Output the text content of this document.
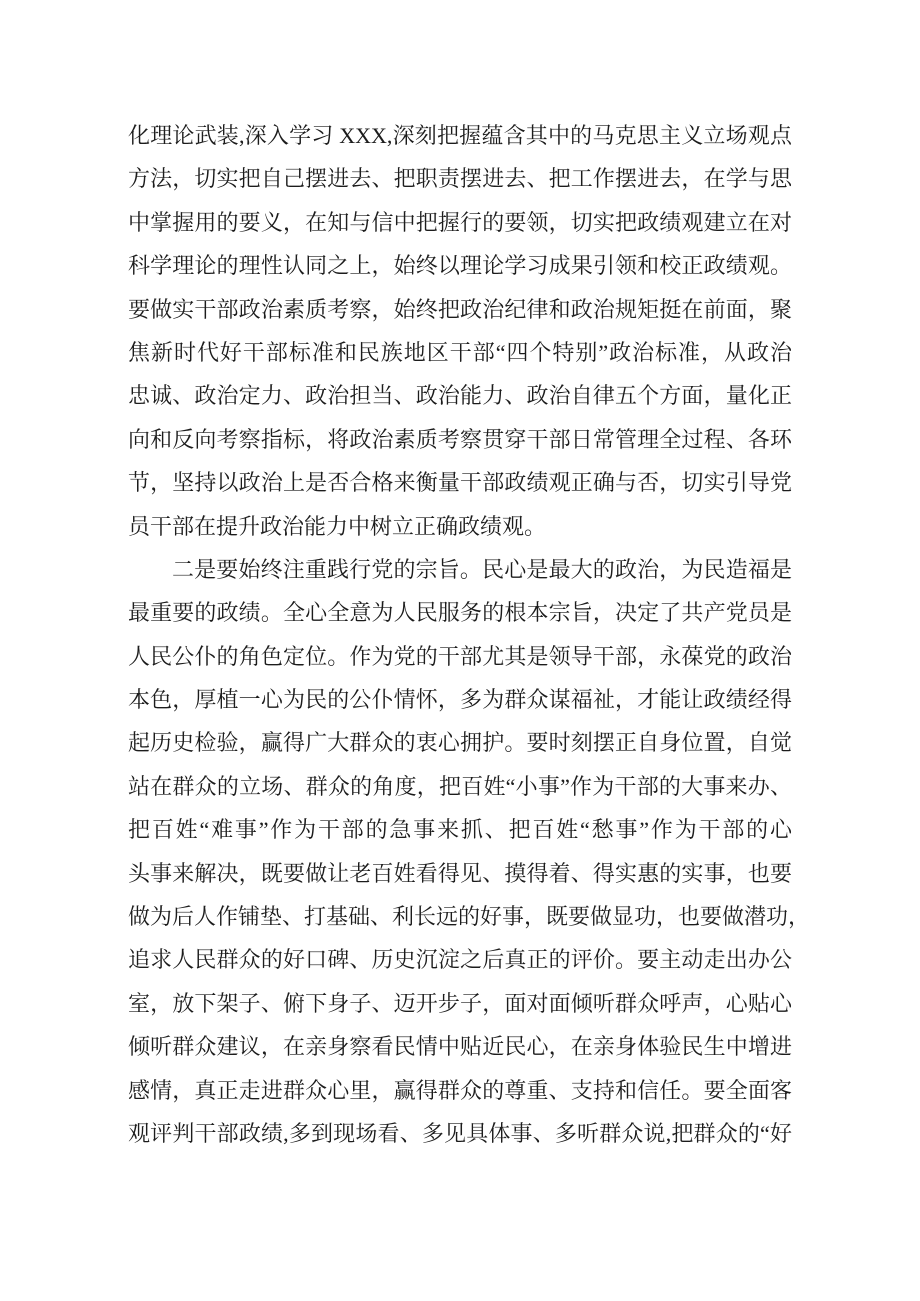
化理论武装,深入学习 XXX,深刻把握蕴含其中的马克思主义立场观点
方法，切实把自己摆进去、把职责摆进去、把工作摆进去，在学与思
中掌握用的要义，在知与信中把握行的要领，切实把政绩观建立在对
科学理论的理性认同之上，始终以理论学习成果引领和校正政绩观。
要做实干部政治素质考察，始终把政治纪律和政治规矩挺在前面，聚
焦新时代好干部标准和民族地区干部“四个特别”政治标准，从政治
忠诚、政治定力、政治担当、政治能力、政治自律五个方面，量化正
向和反向考察指标，将政治素质考察贯穿干部日常管理全过程、各环
节，坚持以政治上是否合格来衡量干部政绩观正确与否，切实引导党
员干部在提升政治能力中树立正确政绩观。
二是要始终注重践行党的宗旨。民心是最大的政治，为民造福是
最重要的政绩。全心全意为人民服务的根本宗旨，决定了共产党员是
人民公仆的角色定位。作为党的干部尤其是领导干部，永葆党的政治
本色，厚植一心为民的公仆情怀，多为群众谋福祉，才能让政绩经得
起历史检验，赢得广大群众的衷心拥护。要时刻摆正自身位置，自觉
站在群众的立场、群众的角度，把百姓“小事”作为干部的大事来办、
把百姓“难事”作为干部的急事来抓、把百姓“愁事”作为干部的心
头事来解决，既要做让老百姓看得见、摸得着、得实惠的实事，也要
做为后人作铺垫、打基础、利长远的好事，既要做显功，也要做潜功，
追求人民群众的好口碑、历史沉淀之后真正的评价。要主动走出办公
室，放下架子、俯下身子、迈开步子，面对面倾听群众呼声，心贴心
倾听群众建议，在亲身察看民情中贴近民心，在亲身体验民生中增进
感情，真正走进群众心里，赢得群众的尊重、支持和信任。要全面客
观评判干部政绩,多到现场看、多见具体事、多听群众说,把群众的“好
